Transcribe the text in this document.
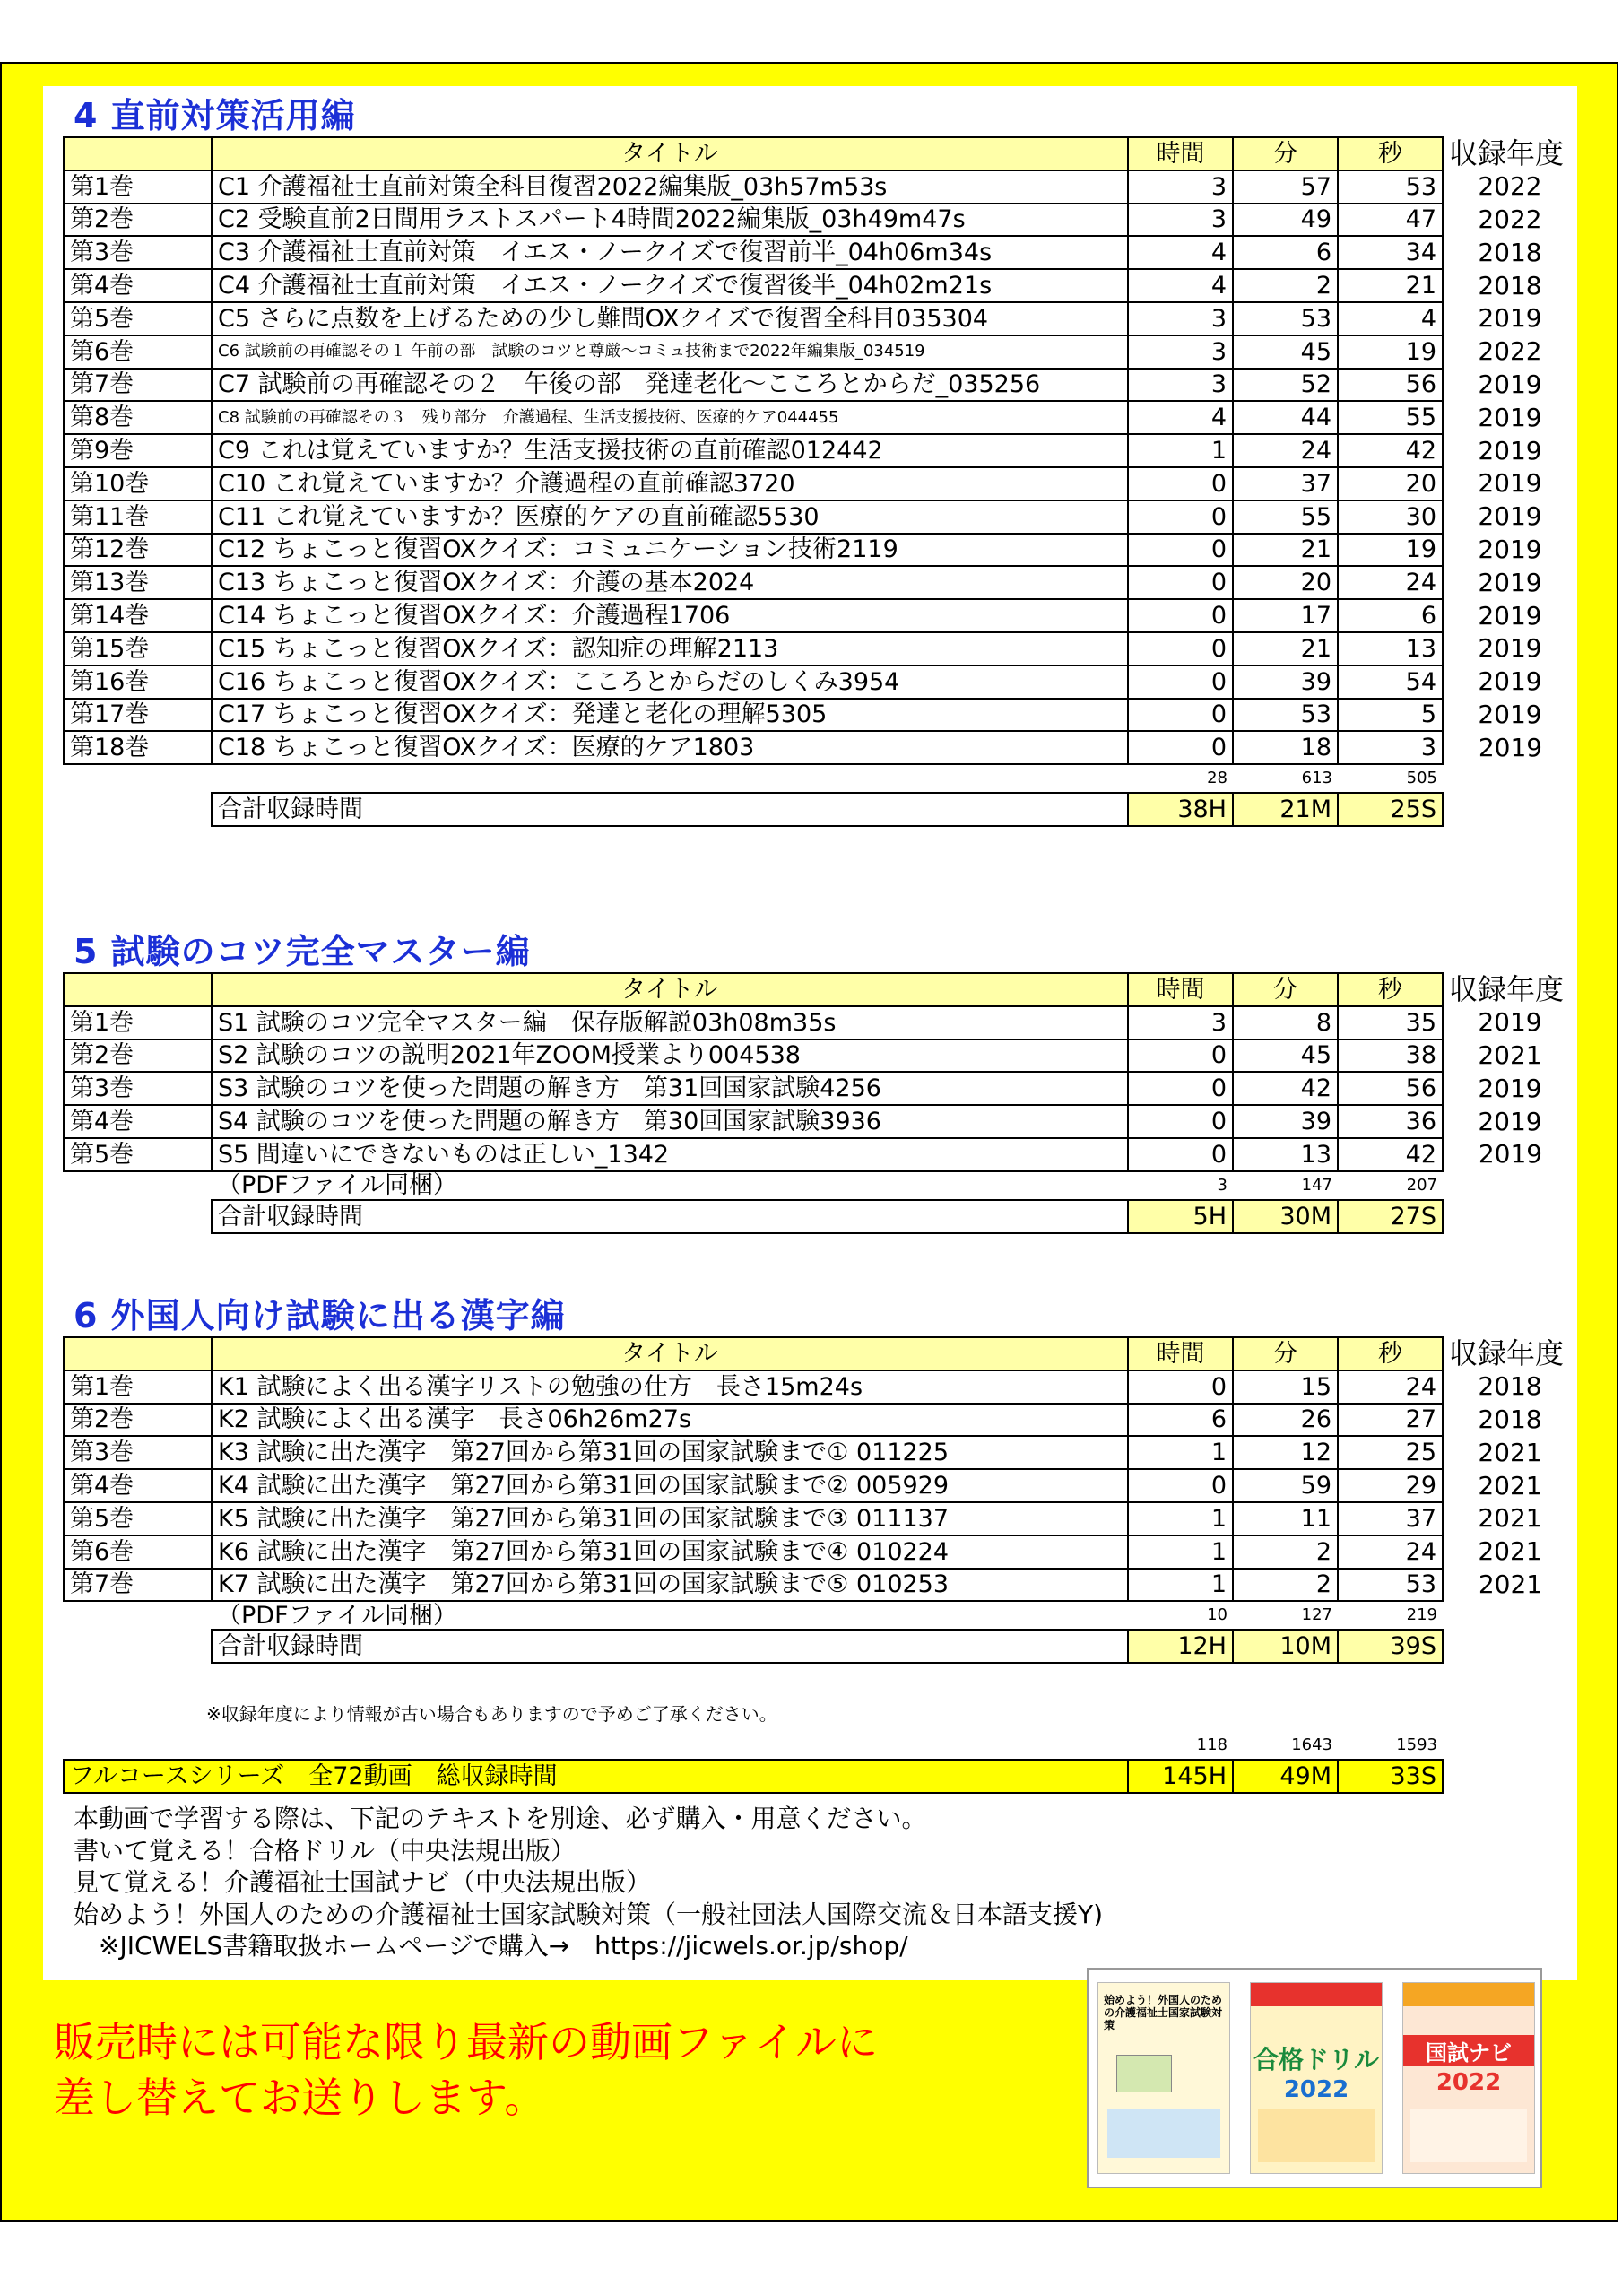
4 直前対策活用編
	タイトル	時間	分	秒	収録年度
第1巻	C1 介護福祉士直前対策全科目復習2022編集版_03h57m53s	3	57	53	2022
第2巻	C2 受験直前2日間用ラストスパート4時間2022編集版_03h49m47s	3	49	47	2022
第3巻	C3 介護福祉士直前対策　イエス・ノークイズで復習前半_04h06m34s	4	6	34	2018
第4巻	C4 介護福祉士直前対策　イエス・ノークイズで復習後半_04h02m21s	4	2	21	2018
第5巻	C5 さらに点数を上げるための少し難問OXクイズで復習全科目035304	3	53	4	2019
第6巻	C6 試験前の再確認その１ 午前の部　試験のコツと尊厳～コミュ技術まで2022年編集版_034519	3	45	19	2022
第7巻	C7 試験前の再確認その２　午後の部　発達老化～こころとからだ_035256	3	52	56	2019
第8巻	C8 試験前の再確認その３　残り部分　介護過程、生活支援技術、医療的ケア044455	4	44	55	2019
第9巻	C9 これは覚えていますか？生活支援技術の直前確認012442	1	24	42	2019
第10巻	C10 これ覚えていますか？介護過程の直前確認3720	0	37	20	2019
第11巻	C11 これ覚えていますか？医療的ケアの直前確認5530	0	55	30	2019
第12巻	C12 ちょこっと復習OXクイズ：コミュニケーション技術2119	0	21	19	2019
第13巻	C13 ちょこっと復習OXクイズ：介護の基本2024	0	20	24	2019
第14巻	C14 ちょこっと復習OXクイズ：介護過程1706	0	17	6	2019
第15巻	C15 ちょこっと復習OXクイズ：認知症の理解2113	0	21	13	2019
第16巻	C16 ちょこっと復習OXクイズ：こころとからだのしくみ3954	0	39	54	2019
第17巻	C17 ちょこっと復習OXクイズ：発達と老化の理解5305	0	53	5	2019
第18巻	C18 ちょこっと復習OXクイズ：医療的ケア1803	0	18	3	2019
		28	613	505	
	合計収録時間	38H	21M	25S	
5 試験のコツ完全マスター編
	タイトル	時間	分	秒	収録年度
第1巻	S1 試験のコツ完全マスター編　保存版解説03h08m35s	3	8	35	2019
第2巻	S2 試験のコツの説明2021年ZOOM授業より004538	0	45	38	2021
第3巻	S3 試験のコツを使った問題の解き方　第31回国家試験4256	0	42	56	2019
第4巻	S4 試験のコツを使った問題の解き方　第30回国家試験3936	0	39	36	2019
第5巻	S5 間違いにできないものは正しい_1342	0	13	42	2019
	（PDFファイル同梱）	3	147	207	
	合計収録時間	5H	30M	27S	
6 外国人向け試験に出る漢字編
	タイトル	時間	分	秒	収録年度
第1巻	K1 試験によく出る漢字リストの勉強の仕方　長さ15m24s	0	15	24	2018
第2巻	K2 試験によく出る漢字　長さ06h26m27s	6	26	27	2018
第3巻	K3 試験に出た漢字　第27回から第31回の国家試験まで① 011225	1	12	25	2021
第4巻	K4 試験に出た漢字　第27回から第31回の国家試験まで② 005929	0	59	29	2021
第5巻	K5 試験に出た漢字　第27回から第31回の国家試験まで③ 011137	1	11	37	2021
第6巻	K6 試験に出た漢字　第27回から第31回の国家試験まで④ 010224	1	2	24	2021
第7巻	K7 試験に出た漢字　第27回から第31回の国家試験まで⑤ 010253	1	2	53	2021
	（PDFファイル同梱）	10	127	219	
	合計収録時間	12H	10M	39S	
※収録年度により情報が古い場合もありますので予めご了承ください。
		118	1643	1593	
フルコースシリーズ　全72動画　総収録時間		145H	49M	33S	
本動画で学習する際は、下記のテキストを別途、必ず購入・用意ください。
書いて覚える！合格ドリル（中央法規出版）
見て覚える！介護福祉士国試ナビ（中央法規出版）
始めよう！外国人のための介護福祉士国家試験対策（一般社団法人国際交流＆日本語支援Y)
　※JICWELS書籍取扱ホームページで購入→　https://jicwels.or.jp/shop/
販売時には可能な限り最新の動画ファイルに
差し替えてお送りします。
始めよう！外国人のための介護福祉士国家試験対策
合格ドリル
2022
国試ナビ
2022
